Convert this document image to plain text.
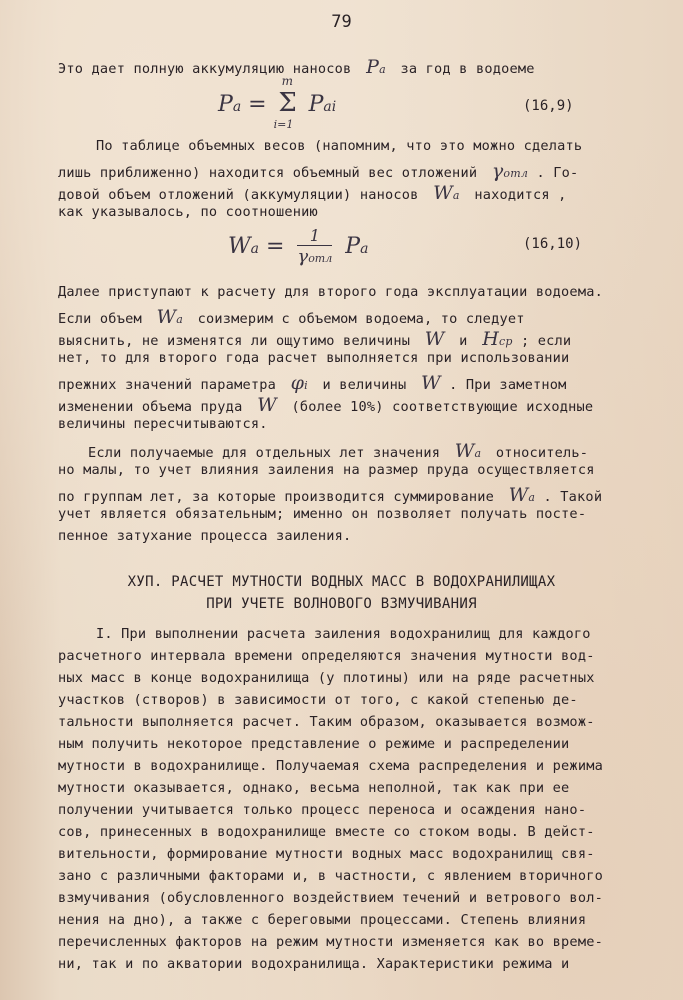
79
Это дает полную аккумуляцию наносов Pa за год в водоеме
Pa =
m
Σ
i=1
Pai	(16,9)
По таблице объемных весов (напомним, что это можно сделать
лишь приближенно) находится объемный вес отложений γотл . Го-
довой объем отложений (аккумуляции) наносов Wa находится ,
как указывалось, по соотношению
Wa =	1
γотл Pa	(16,10)
Далее приступают к расчету для второго года эксплуатации водоема.
Если объем Wa соизмерим с объемом водоема, то следует
выяснить, не изменятся ли ощутимо величины W и Hср ; если
нет, то для второго года расчет выполняется при использовании
прежних значений параметра φi и величины W . При заметном
изменении объема пруда W (более 10%) соответствующие исходные
величины пересчитываются.
Если получаемые для отдельных лет значения Wa относитель-
но малы, то учет влияния заиления на размер пруда осуществляется
по группам лет, за которые производится суммирование Wa . Такой
учет является обязательным; именно он позволяет получать посте-
пенное затухание процесса заиления.
ХУП. РАСЧЕТ МУТНОСТИ ВОДНЫХ МАСС В ВОДОХРАНИЛИЩАХ
ПРИ УЧЕТЕ ВОЛНОВОГО ВЗМУЧИВАНИЯ
I. При выполнении расчета заиления водохранилищ для каждого
расчетного интервала времени определяются значения мутности вод-
ных масс в конце водохранилища (у плотины) или на ряде расчетных
участков (створов) в зависимости от того, с какой степенью де-
тальности выполняется расчет. Таким образом, оказывается возмож-
ным получить некоторое представление о режиме и распределении
мутности в водохранилище. Получаемая схема распределения и режима
мутности оказывается, однако, весьма неполной, так как при ее
получении учитывается только процесс переноса и осаждения нано-
сов, принесенных в водохранилище вместе со стоком воды. В дейст-
вительности, формирование мутности водных масс водохранилищ свя-
зано с различными факторами и, в частности, с явлением вторичного
взмучивания (обусловленного воздействием течений и ветрового вол-
нения на дно), а также с береговыми процессами. Степень влияния
перечисленных факторов на режим мутности изменяется как во време-
ни, так и по акватории водохранилища. Характеристики режима и
